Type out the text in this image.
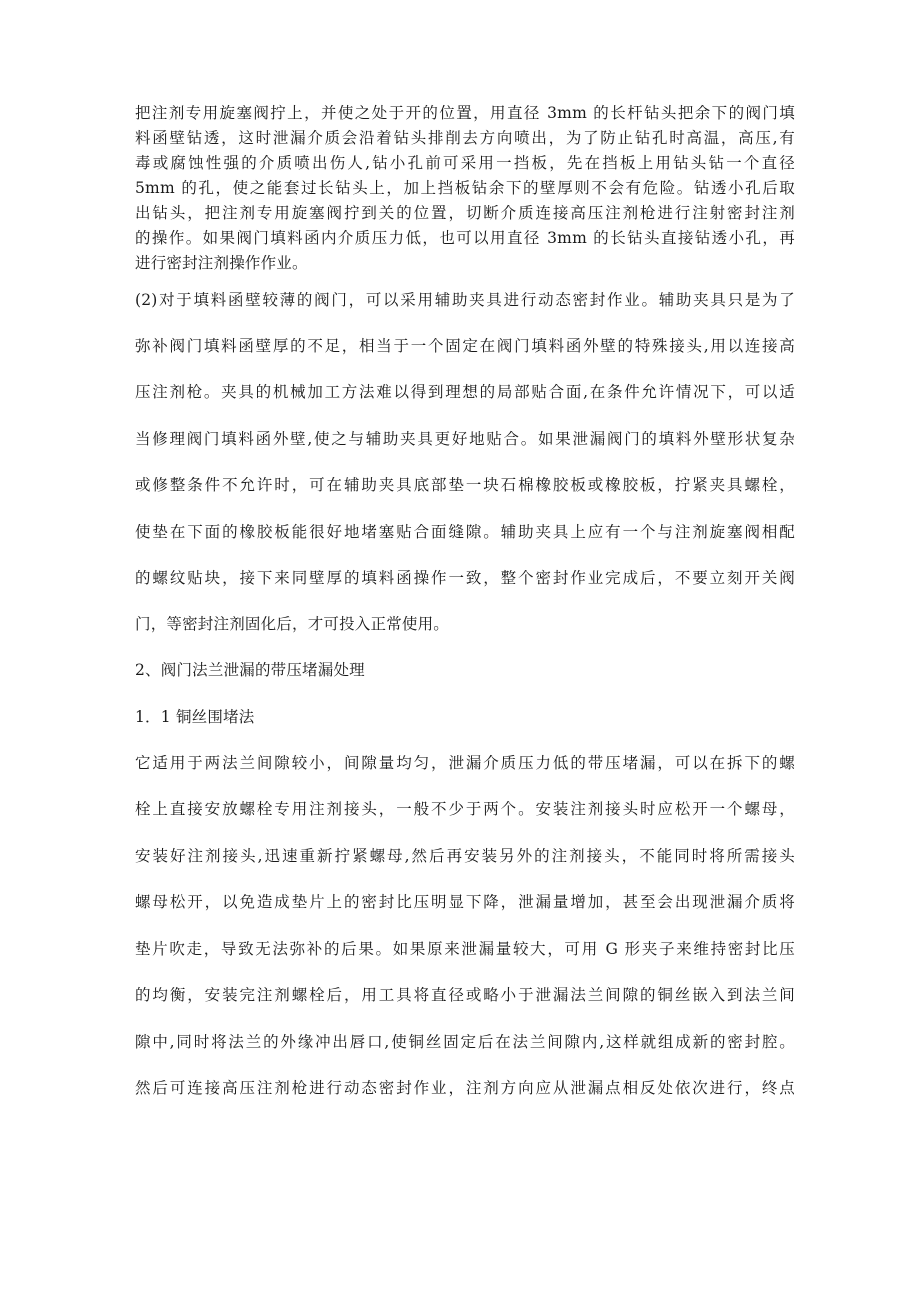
把注剂专用旋塞阀拧上，并使之处于开的位置，用直径 3mm 的长杆钻头把余下的阀门填
料函壁钻透，这时泄漏介质会沿着钻头排削去方向喷出，为了防止钻孔时高温，高压,有
毒或腐蚀性强的介质喷出伤人,钻小孔前可采用一挡板，先在挡板上用钻头钻一个直径
5mm 的孔，使之能套过长钻头上，加上挡板钻余下的壁厚则不会有危险。钻透小孔后取
出钻头，把注剂专用旋塞阀拧到关的位置，切断介质连接高压注剂枪进行注射密封注剂
的操作。如果阀门填料函内介质压力低，也可以用直径 3mm 的长钻头直接钻透小孔，再
进行密封注剂操作作业。
(2)对于填料函壁较薄的阀门，可以采用辅助夹具进行动态密封作业。辅助夹具只是为了
弥补阀门填料函壁厚的不足，相当于一个固定在阀门填料函外壁的特殊接头,用以连接高
压注剂枪。夹具的机械加工方法难以得到理想的局部贴合面,在条件允许情况下，可以适
当修理阀门填料函外壁,使之与辅助夹具更好地贴合。如果泄漏阀门的填料外壁形状复杂
或修整条件不允许时，可在辅助夹具底部垫一块石棉橡胶板或橡胶板，拧紧夹具螺栓，
使垫在下面的橡胶板能很好地堵塞贴合面缝隙。辅助夹具上应有一个与注剂旋塞阀相配
的螺纹贴块，接下来同壁厚的填料函操作一致，整个密封作业完成后，不要立刻开关阀
门，等密封注剂固化后，才可投入正常使用。
2、阀门法兰泄漏的带压堵漏处理
1．1 铜丝围堵法
它适用于两法兰间隙较小，间隙量均匀，泄漏介质压力低的带压堵漏，可以在拆下的螺
栓上直接安放螺栓专用注剂接头，一般不少于两个。安装注剂接头时应松开一个螺母，
安装好注剂接头,迅速重新拧紧螺母,然后再安装另外的注剂接头，不能同时将所需接头
螺母松开，以免造成垫片上的密封比压明显下降，泄漏量增加，甚至会出现泄漏介质将
垫片吹走，导致无法弥补的后果。如果原来泄漏量较大，可用 G 形夹子来维持密封比压
的均衡，安装完注剂螺栓后，用工具将直径或略小于泄漏法兰间隙的铜丝嵌入到法兰间
隙中,同时将法兰的外缘冲出唇口,使铜丝固定后在法兰间隙内,这样就组成新的密封腔。
然后可连接高压注剂枪进行动态密封作业，注剂方向应从泄漏点相反处依次进行，终点
